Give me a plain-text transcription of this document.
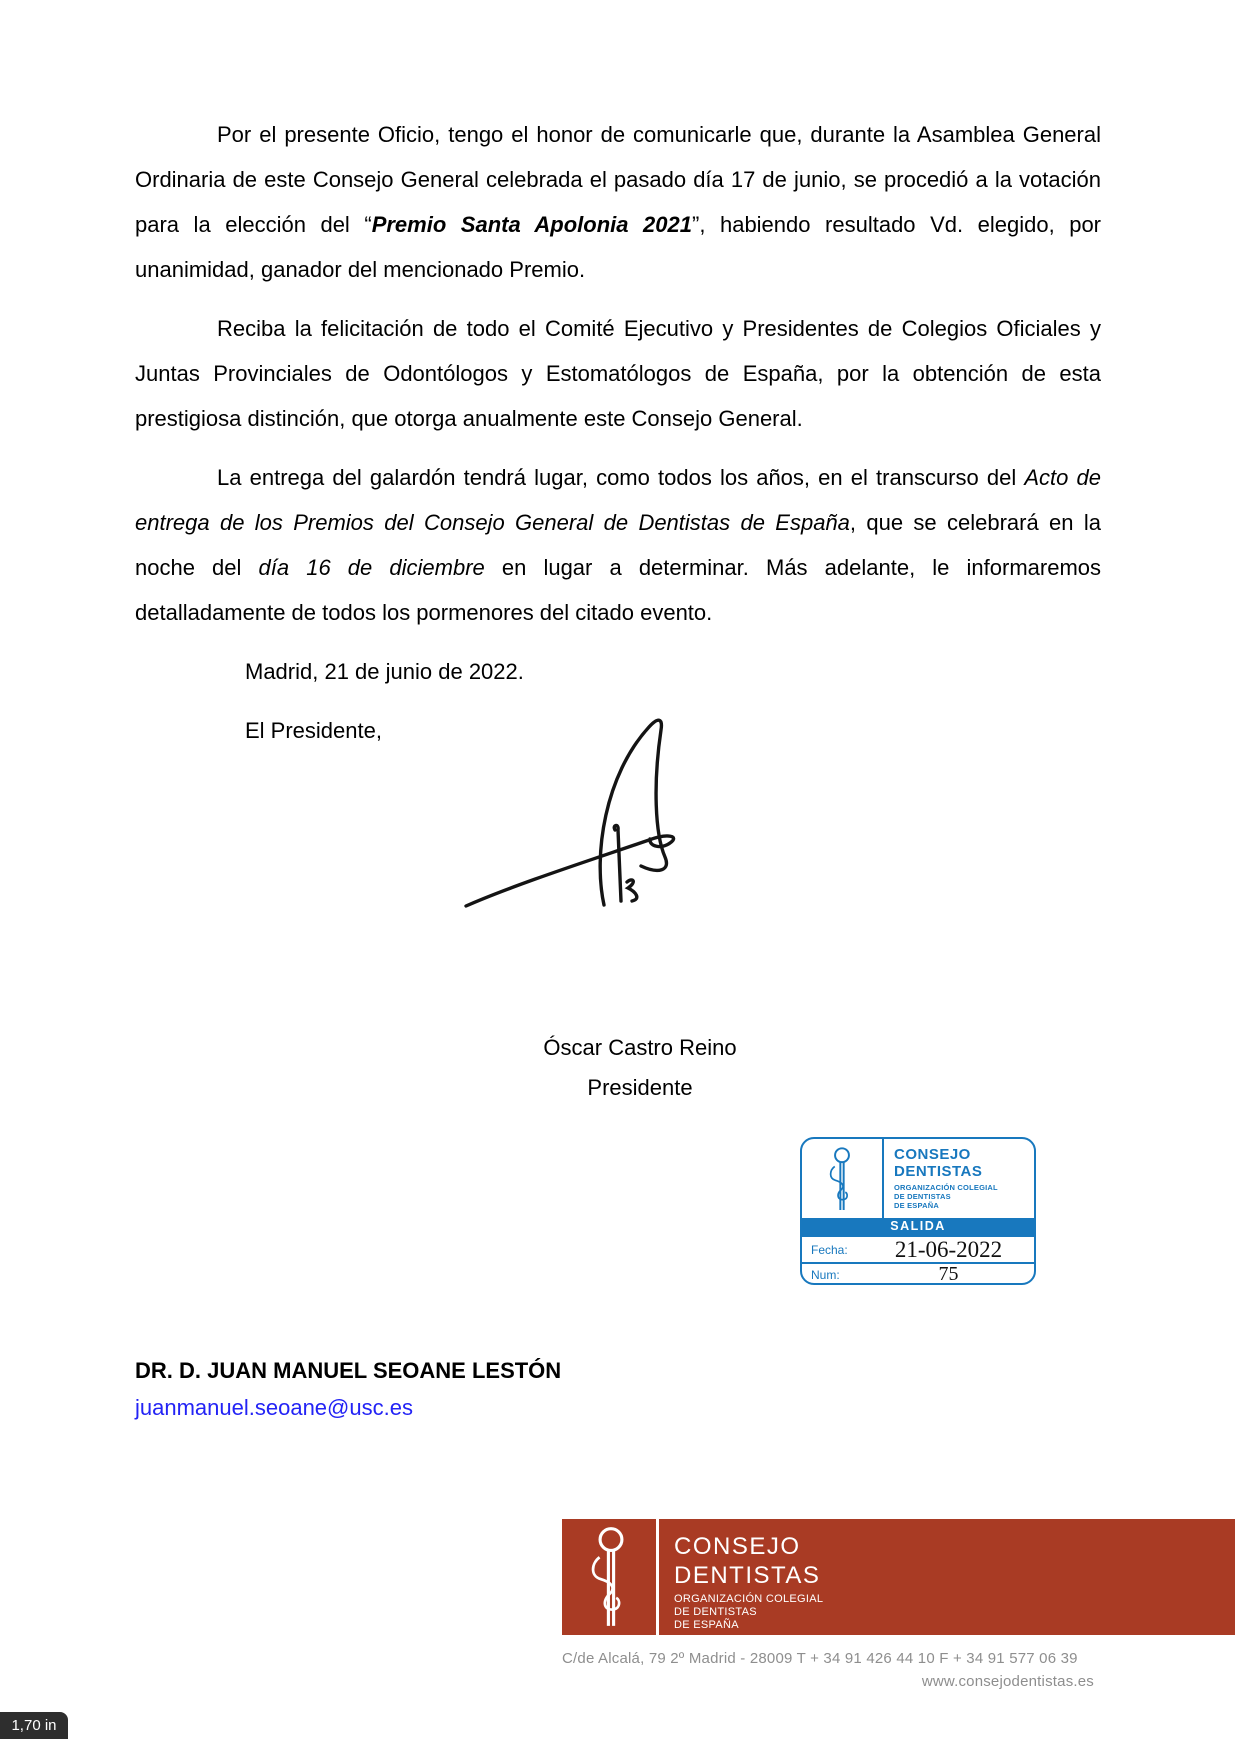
Por el presente Oficio, tengo el honor de comunicarle que, durante la Asamblea General Ordinaria de este Consejo General celebrada el pasado día 17 de junio, se procedió a la votación para la elección del “Premio Santa Apolonia 2021”, habiendo resultado Vd. elegido, por unanimidad, ganador del mencionado Premio.

Reciba la felicitación de todo el Comité Ejecutivo y Presidentes de Colegios Oficiales y Juntas Provinciales de Odontólogos y Estomatólogos de España, por la obtención de esta prestigiosa distinción, que otorga anualmente este Consejo General.

La entrega del galardón tendrá lugar, como todos los años, en el transcurso del Acto de entrega de los Premios del Consejo General de Dentistas de España, que se celebrará en la noche del día 16 de diciembre en lugar a determinar. Más adelante, le informaremos detalladamente de todos los pormenores del citado evento.

Madrid, 21 de junio de 2022.

El Presidente,

Óscar Castro Reino
Presidente
CONSEJO
DENTISTAS
ORGANIZACIÓN COLEGIAL
DE DENTISTAS
DE ESPAÑA
SALIDA
Fecha:	21-06-2022
Num:	75
DR. D. JUAN MANUEL SEOANE LESTÓN
juanmanuel.seoane@usc.es
CONSEJO
DENTISTAS
ORGANIZACIÓN COLEGIAL
DE DENTISTAS
DE ESPAÑA
C/de Alcalá, 79 2º Madrid - 28009 T + 34 91 426 44 10 F + 34 91 577 06 39
www.consejodentistas.es
1,70 in
